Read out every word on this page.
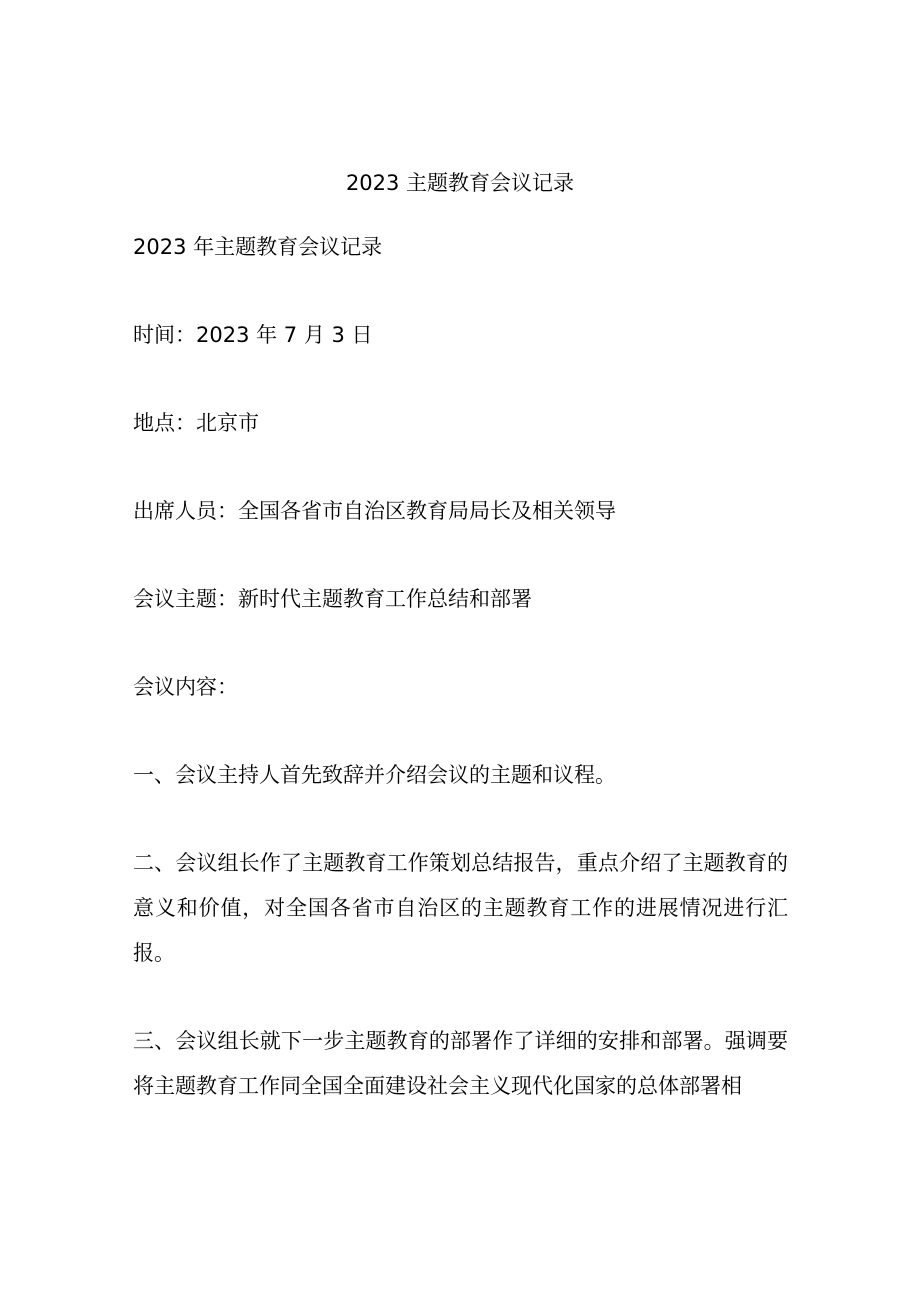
2023 主题教育会议记录

2023 年主题教育会议记录

时间：2023 年 7 月 3 日

地点：北京市

出席人员：全国各省市自治区教育局局长及相关领导

会议主题：新时代主题教育工作总结和部署

会议内容：

一、会议主持人首先致辞并介绍会议的主题和议程。

二、会议组长作了主题教育工作策划总结报告，重点介绍了主题教育的意义和价值，对全国各省市自治区的主题教育工作的进展情况进行汇报。

三、会议组长就下一步主题教育的部署作了详细的安排和部署。强调要将主题教育工作同全国全面建设社会主义现代化国家的总体部署相
